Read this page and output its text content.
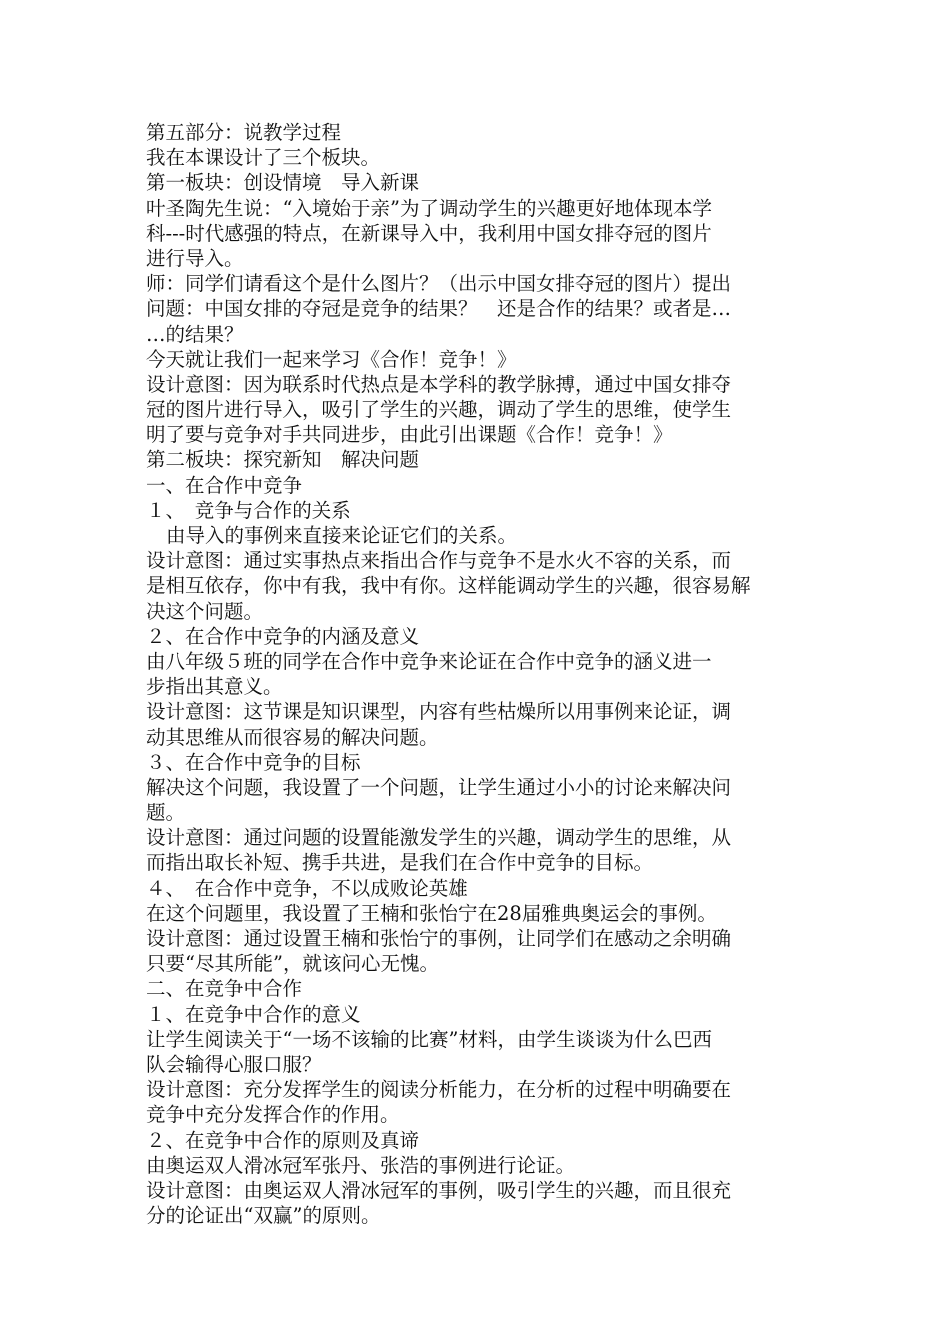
第五部分：说教学过程
我在本课设计了三个板块。
第一板块：创设情境　导入新课
叶圣陶先生说：“入境始于亲”为了调动学生的兴趣更好地体现本学
科---时代感强的特点，在新课导入中，我利用中国女排夺冠的图片
进行导入。
师：同学们请看这个是什么图片？（出示中国女排夺冠的图片）提出
问题：中国女排的夺冠是竞争的结果？　还是合作的结果？或者是…
…的结果？
今天就让我们一起来学习《合作！竞争！》
设计意图：因为联系时代热点是本学科的教学脉搏，通过中国女排夺
冠的图片进行导入，吸引了学生的兴趣，调动了学生的思维，使学生
明了要与竞争对手共同进步，由此引出课题《合作！竞争！》
第二板块：探究新知　解决问题
一、在合作中竞争
１、　竞争与合作的关系
由导入的事例来直接来论证它们的关系。
设计意图：通过实事热点来指出合作与竞争不是水火不容的关系，而
是相互依存，你中有我，我中有你。这样能调动学生的兴趣，很容易解
决这个问题。
２、在合作中竞争的内涵及意义
由八年级５班的同学在合作中竞争来论证在合作中竞争的涵义进一
步指出其意义。
设计意图：这节课是知识课型，内容有些枯燥所以用事例来论证，调
动其思维从而很容易的解决问题。
３、在合作中竞争的目标
解决这个问题，我设置了一个问题，让学生通过小小的讨论来解决问
题。
设计意图：通过问题的设置能激发学生的兴趣，调动学生的思维，从
而指出取长补短、携手共进，是我们在合作中竞争的目标。
４、　在合作中竞争，不以成败论英雄
在这个问题里，我设置了王楠和张怡宁在28届雅典奥运会的事例。
设计意图：通过设置王楠和张怡宁的事例，让同学们在感动之余明确
只要“尽其所能”，就该问心无愧。
二、在竞争中合作
１、在竞争中合作的意义
让学生阅读关于“一场不该输的比赛”材料，由学生谈谈为什么巴西
队会输得心服口服？
设计意图：充分发挥学生的阅读分析能力，在分析的过程中明确要在
竞争中充分发挥合作的作用。
２、在竞争中合作的原则及真谛
由奥运双人滑冰冠军张丹、张浩的事例进行论证。
设计意图：由奥运双人滑冰冠军的事例，吸引学生的兴趣，而且很充
分的论证出“双赢”的原则。
